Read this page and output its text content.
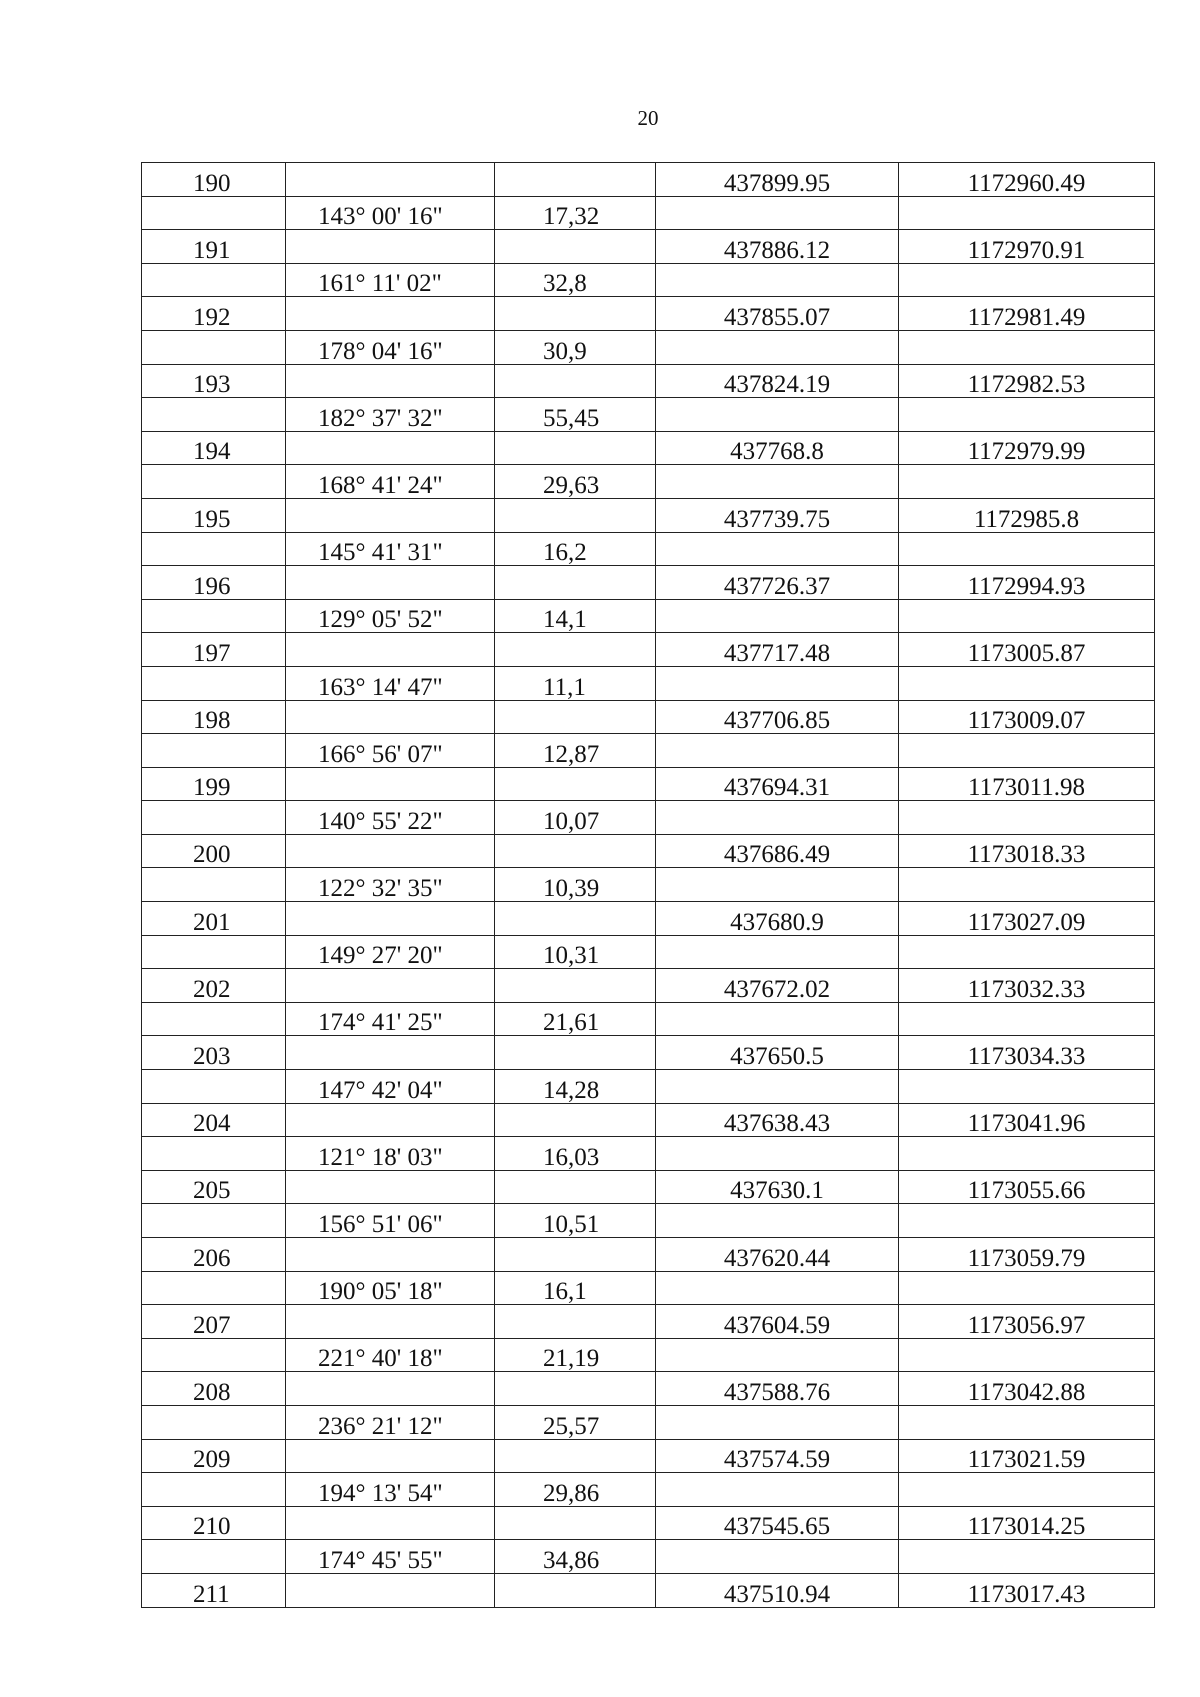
20
190			437899.95	1172960.49
	143° 00' 16"	17,32		
191			437886.12	1172970.91
	161° 11' 02"	32,8		
192			437855.07	1172981.49
	178° 04' 16"	30,9		
193			437824.19	1172982.53
	182° 37' 32"	55,45		
194			437768.8	1172979.99
	168° 41' 24"	29,63		
195			437739.75	1172985.8
	145° 41' 31"	16,2		
196			437726.37	1172994.93
	129° 05' 52"	14,1		
197			437717.48	1173005.87
	163° 14' 47"	11,1		
198			437706.85	1173009.07
	166° 56' 07"	12,87		
199			437694.31	1173011.98
	140° 55' 22"	10,07		
200			437686.49	1173018.33
	122° 32' 35"	10,39		
201			437680.9	1173027.09
	149° 27' 20"	10,31		
202			437672.02	1173032.33
	174° 41' 25"	21,61		
203			437650.5	1173034.33
	147° 42' 04"	14,28		
204			437638.43	1173041.96
	121° 18' 03"	16,03		
205			437630.1	1173055.66
	156° 51' 06"	10,51		
206			437620.44	1173059.79
	190° 05' 18"	16,1		
207			437604.59	1173056.97
	221° 40' 18"	21,19		
208			437588.76	1173042.88
	236° 21' 12"	25,57		
209			437574.59	1173021.59
	194° 13' 54"	29,86		
210			437545.65	1173014.25
	174° 45' 55"	34,86		
211			437510.94	1173017.43
